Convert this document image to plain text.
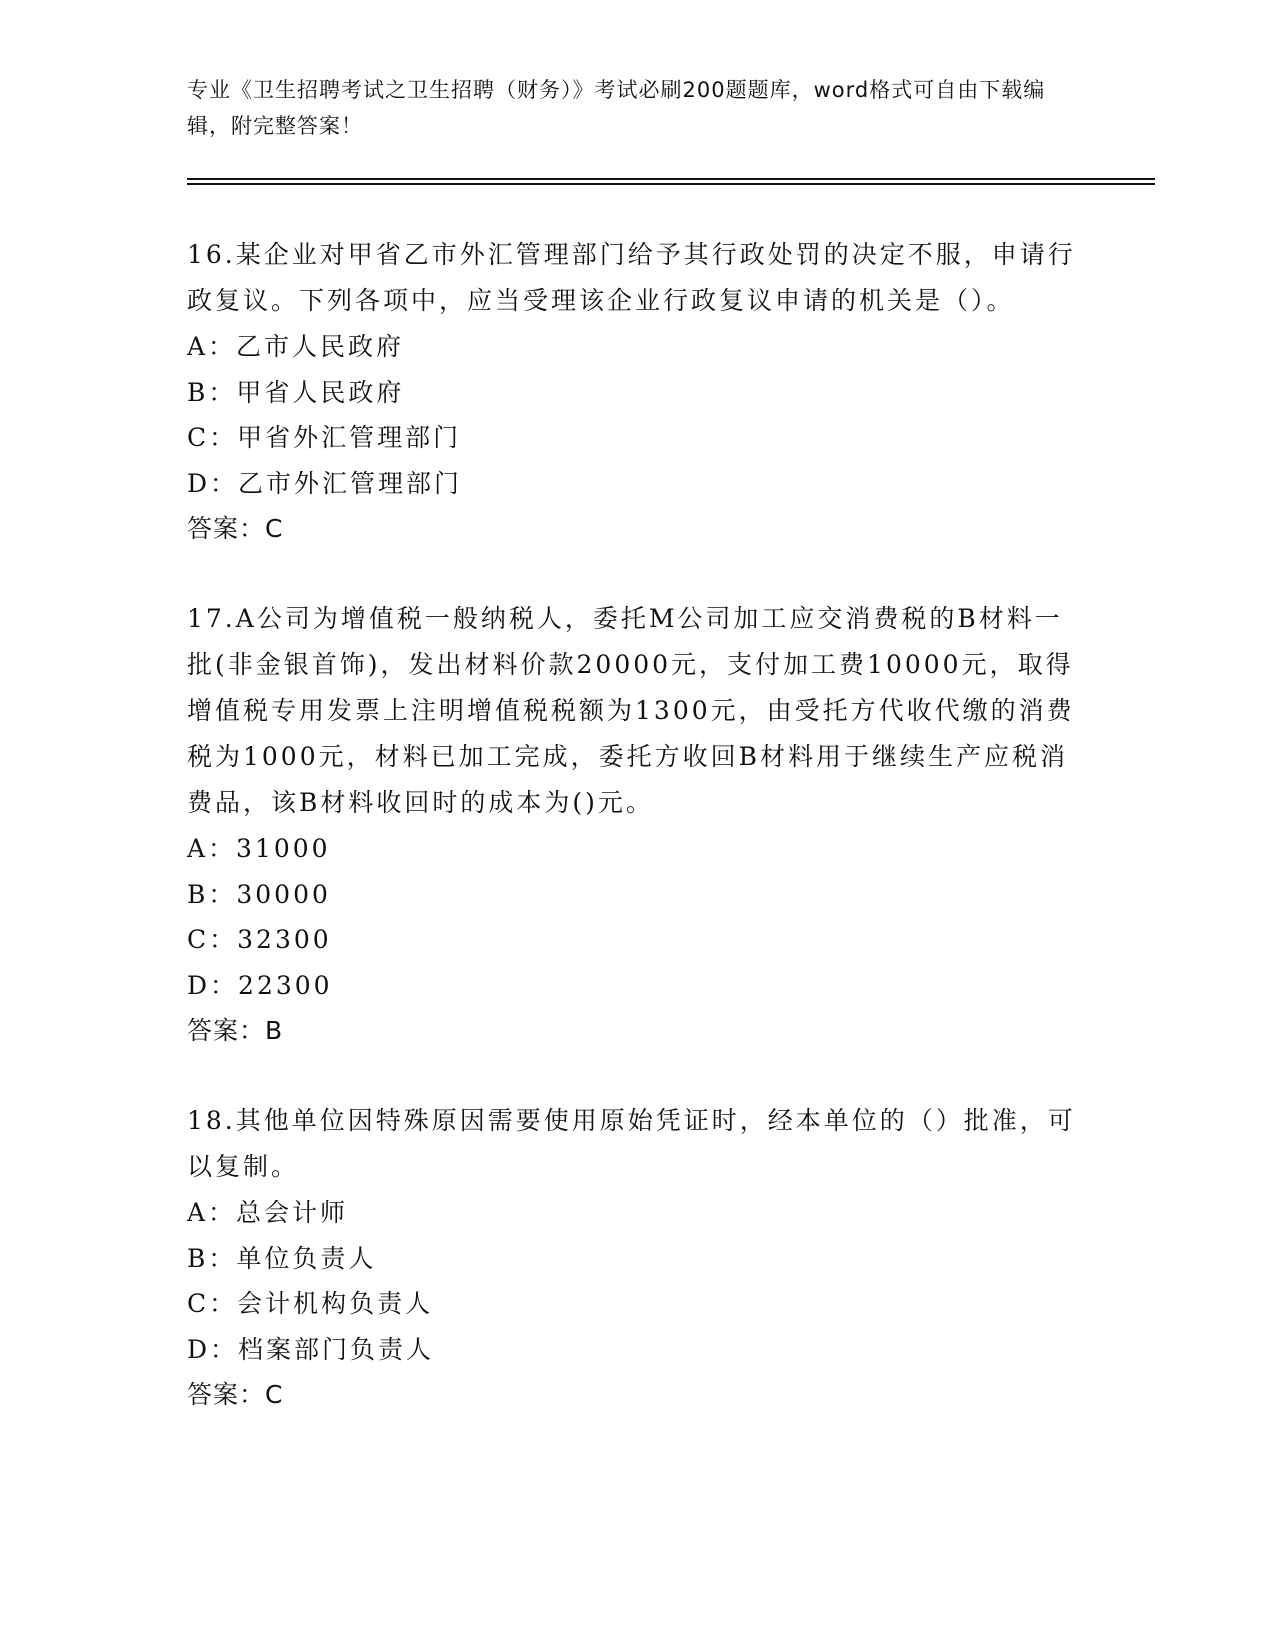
专业《卫生招聘考试之卫生招聘（财务）》考试必刷200题题库，word格式可自由下载编辑，附完整答案！

16.某企业对甲省乙市外汇管理部门给予其行政处罚的决定不服，申请行政复议。下列各项中，应当受理该企业行政复议申请的机关是（）。

A：乙市人民政府

B：甲省人民政府

C：甲省外汇管理部门

D：乙市外汇管理部门

答案：C

17.A公司为增值税一般纳税人，委托M公司加工应交消费税的B材料一批(非金银首饰)，发出材料价款20000元，支付加工费10000元，取得增值税专用发票上注明增值税税额为1300元，由受托方代收代缴的消费税为1000元，材料已加工完成，委托方收回B材料用于继续生产应税消费品，该B材料收回时的成本为()元。

A：31000

B：30000

C：32300

D：22300

答案：B

18.其他单位因特殊原因需要使用原始凭证时，经本单位的（）批准，可以复制。

A：总会计师

B：单位负责人

C：会计机构负责人

D：档案部门负责人

答案：C
